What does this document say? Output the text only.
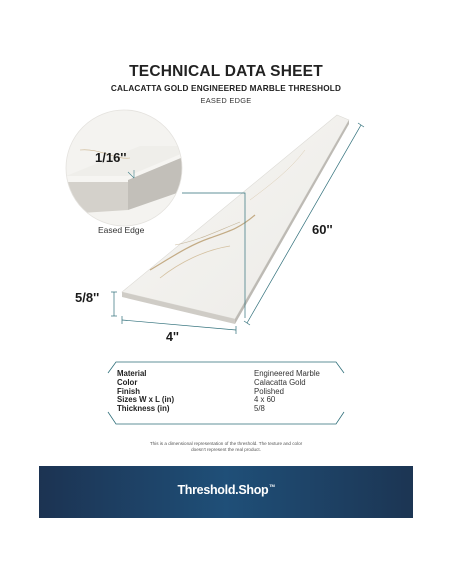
TECHNICAL DATA SHEET
CALACATTA GOLD ENGINEERED MARBLE THRESHOLD
EASED EDGE
1/16''
Eased Edge	60''
5/8''
4''
Material	Engineered Marble
Color	Calacatta Gold
Finish	Polished
Sizes W x L (in)	4 x 60
Thickness (in)	5/8
This is a dimensional representation of the threshold. The texture and color
doesn't represent the real product.
Threshold.Shop™
